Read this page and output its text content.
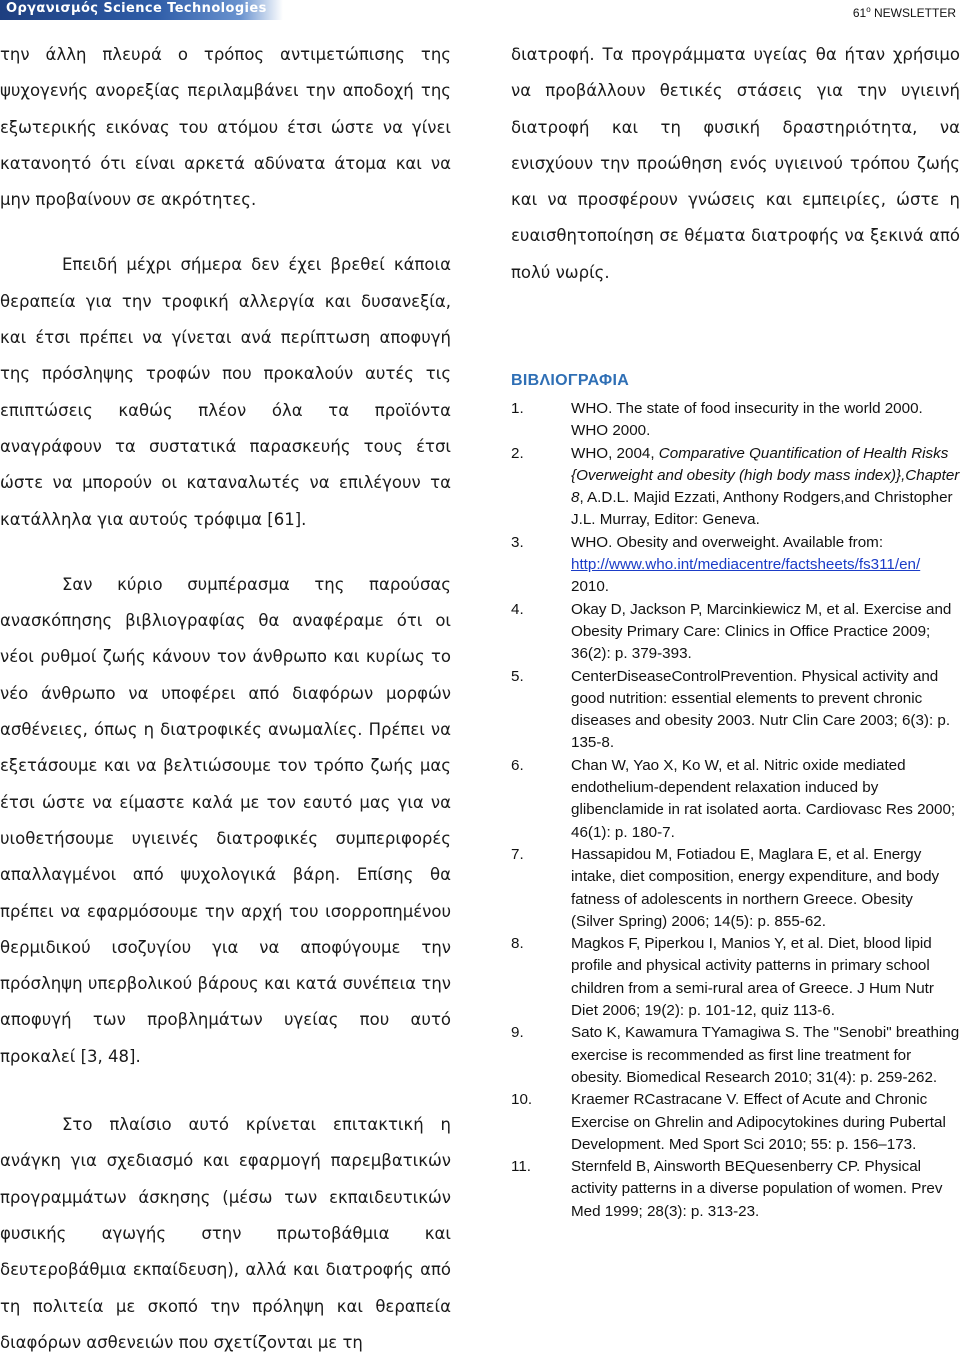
Οργανισμός Science Technologies	61$^o$ NEWSLETTER

την άλλη πλευρά ο τρόπος αντιμετώπισης της ψυχογενής ανορεξίας περιλαμβάνει την αποδοχή της εξωτερικής εικόνας του ατόμου έτσι ώστε να γίνει κατανοητό ότι είναι αρκετά αδύνατα άτομα και να μην προβαίνουν σε ακρότητες.

Επειδή μέχρι σήμερα δεν έχει βρεθεί κάποια θεραπεία για την τροφική αλλεργία και δυσανεξία, και έτσι πρέπει να γίνεται ανά περίπτωση αποφυγή της πρόσληψης τροφών που προκαλούν αυτές τις επιπτώσεις καθώς πλέον όλα τα προϊόντα αναγράφουν τα συστατικά παρασκευής τους έτσι ώστε να μπορούν οι καταναλωτές να επιλέγουν τα κατάλληλα για αυτούς τρόφιμα [61].

Σαν κύριο συμπέρασμα της παρούσας ανασκόπησης βιβλιογραφίας θα αναφέραμε ότι οι νέοι ρυθμοί ζωής κάνουν τον άνθρωπο και κυρίως το νέο άνθρωπο να υποφέρει από διαφόρων μορφών ασθένειες, όπως η διατροφικές ανωμαλίες. Πρέπει να εξετάσουμε και να βελτιώσουμε τον τρόπο ζωής μας έτσι ώστε να είμαστε καλά με τον εαυτό μας για να υιοθετήσουμε υγιεινές διατροφικές συμπεριφορές απαλλαγμένοι από ψυχολογικά βάρη. Επίσης θα πρέπει να εφαρμόσουμε την αρχή του ισορροπημένου θερμιδικού ισοζυγίου για να αποφύγουμε την πρόσληψη υπερβολικού βάρους και κατά συνέπεια την αποφυγή των προβλημάτων υγείας που αυτό προκαλεί [3, 48].

Στο πλαίσιο αυτό κρίνεται επιτακτική η ανάγκη για σχεδιασμό και εφαρμογή παρεμβατικών προγραμμάτων άσκησης (μέσω των εκπαιδευτικών φυσικής αγωγής στην πρωτοβάθμια και δευτεροβάθμια εκπαίδευση), αλλά και διατροφής από τη πολιτεία με σκοπό την πρόληψη και θεραπεία διαφόρων ασθενειών που σχετίζονται με τη

διατροφή. Τα προγράμματα υγείας θα ήταν χρήσιμο να προβάλλουν θετικές στάσεις για την υγιεινή διατροφή και τη φυσική δραστηριότητα, να ενισχύουν την προώθηση ενός υγιεινού τρόπου ζωής και να προσφέρουν γνώσεις και εμπειρίες, ώστε η ευαισθητοποίηση σε θέματα διατροφής να ξεκινά από πολύ νωρίς.

ΒΙΒΛΙΟΓΡΑΦΙΑ
1.	WHO. The state of food insecurity in the world 2000. WHO 2000.
2.	WHO, 2004, Comparative Quantification of Health Risks {Overweight and obesity (high body mass index)},Chapter 8, A.D.L. Majid Ezzati, Anthony Rodgers,and Christopher J.L. Murray, Editor: Geneva.
3.	WHO. Obesity and overweight. Available from: http://www.who.int/mediacentre/factsheets/fs311/en/ 2010.
4.	Okay D, Jackson P, Marcinkiewicz M, et al. Exercise and Obesity Primary Care: Clinics in Office Practice 2009; 36(2): p. 379-393.
5.	CenterDiseaseControlPrevention. Physical activity and good nutrition: essential elements to prevent chronic diseases and obesity 2003. Nutr Clin Care 2003; 6(3): p. 135-8.
6.	Chan W, Yao X, Ko W, et al. Nitric oxide mediated endothelium-dependent relaxation induced by glibenclamide in rat isolated aorta. Cardiovasc Res 2000; 46(1): p. 180-7.
7.	Hassapidou M, Fotiadou E, Maglara E, et al. Energy intake, diet composition, energy expenditure, and body fatness of adolescents in northern Greece. Obesity (Silver Spring) 2006; 14(5): p. 855-62.
8.	Magkos F, Piperkou I, Manios Y, et al. Diet, blood lipid profile and physical activity patterns in primary school children from a semi-rural area of Greece. J Hum Nutr Diet 2006; 19(2): p. 101-12, quiz 113-6.
9.	Sato K, Kawamura TYamagiwa S. The "Senobi" breathing exercise is recommended as first line treatment for obesity. Biomedical Research 2010; 31(4): p. 259-262.
10.	Kraemer RCastracane V. Effect of Acute and Chronic Exercise on Ghrelin and Adipocytokines during Pubertal Development. Med Sport Sci 2010; 55: p. 156–173.
11.	Sternfeld B, Ainsworth BEQuesenberry CP. Physical activity patterns in a diverse population of women. Prev Med 1999; 28(3): p. 313-23.
